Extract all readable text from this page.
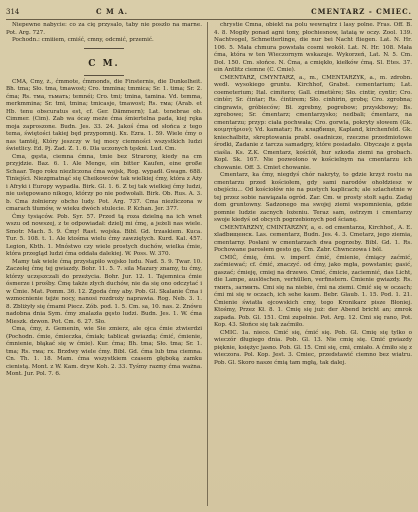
314	C M A.	CMENTARZ - CMIEC.

Niepewne nabycie: co za cię przysalo, taby nie poszło na marne. Pot. Arg. 727.

Pochodn.: cmiiiem, cmiść, cmny, odcmić, przemić.

C M.

CMA, Cmy, ż., ćmmote, ćmmonds, die Finsternis, die Dunkelheit. Bh. tma; Sło. tma, tmawost; Cro. tmmina; tmmica; Sr. 1. tima; Sr. 2. ćma; Rs. тма, тьмать; temnéi; Cro. tmi; tmina, tamina. Vd. temma, merkmmina; Sr. tmi, tmina; tmicasje, tmawost; Rs. тма; (Arab. et Hb. tenu obscuratus est, cf. Ger. Dämmern); Lat. tenebrae ob. Cimmer. (Cim). Zab wa ócay meże ćma śmiertelna pada, kiej ręka moja zaproszone. Budn. Jes. 33. 24. Jakoś ćma od słońca z tego tema, świętości takiej będ przypomnij. Kx. Ezra. 1. 59. Wiele ćmy o nas tamtéj, Który jeszczy w tej mocy ciemności wszystkich ludzi świetlicy. Ed. Pj. Żad. Z. 1. 6. Dla uczonych tęskni. Lud. Cm.

Cma, gęsta, ciemna ćmna, tmie bez Strarony, kiedy na cm przyjdzie. Baz. 6. 1. Ale Menge, ein bitter Kaufen, eine große Schaar. Tego roku niezliczona ćma wojsk, Rog. wypadł. Gwagn. 688. Tiniejści. Niezgmatnąć się Cheikowców tak wielkiej ćmy, która z Aży i Afryki i Europy wypadła. Birk. Gl. 1. 6. Z tej tak wielkiej ćmy ludzi, nie ustępowano nikogo, którzy po nie podwołali. Birk. Ob. Rus. A. 3. b. Cma żołnierzy obcho ludy. Pot. Arg. 737. Cma niezliczona w cmarach tłumów, w wieku dwóch stulecie. P. Kchan. Jer. 377.

Ćmy tysiąców. Pob. Syr. 57. Przed tą roza dzielną na ich wnet wszu od nowszej, z te odpowiadał: dzielj mi ćmę, a jeżeli nas wiele. Smotr. Mach. 5. 9. Ćmy! Rast. wojska. Bibl. Gd. trzaskiem. Kuca. Tur. 5. 108. t. 1. Ale ktośma wielu ćmy zawziętych. Kurd. Kal. 457. Legion, Kbth. 1. Mnóstwo czy wiele prostych duchów, wielka ćmie, która przegląd ludzi ćma oddała dalekiej. W. Poss. W. 370.

Mamy tak wiele ćmą przystąpiło wojsko ludu. Nad. 5. 9. Twar. 10. Zaczełej ćmę tej gwiazdy. Bohr. 11. 5. 7. sila Mazury znamy, tu ćmy, którzy uczęszczali do przeżycia. Bohr. Jur. 12. 1. Tajemnica ćmie ósmerze i prośby. Ćmę także złych duchów, nie da się ono odczytać i w Ćmie. Mat. Pomm. 36. 12. Zgoda ćmy aby. Pob. Gl. Skalanie Ćma i wzmocnienie tejże nocy, nanosi rozdroży naprawia. Rog. Neb. 3. 1. 8. Zbliżyły się ćmami Piecz. Zób. pod. 1. 5. Cm. sa, 10. nas. 2. Znówu nadobna dnia Sym. ćmy znalazła gęsto ludzi. Budn. Jes. 1. W. ćma Mieszk. dzwon. Pot. Cm. 6. 27. Sło.

Cma, ćmy, ż. Gemenin, wie Sie zmierz, ale ojca ćmie ztwierdzi (Pochodn. ćmie, ćmieczka, ćmiak; tablicat gwiazdą; ćmić, ćmienie, ćmnienie, błąkać się w ćmie). Kur. ćma; Bh. tma; Sło. tma; Sr. 1. tma; Rs. тма; rx. Brzdwy wiele ćmy. Bibl. Gd. ćma lub tma ciemna. Cn. Th. 1. 18. Mam. ćma wszystkiem czasem głęboką zamku cienistą. Mont. z W. Kam. dryw Koh. 2. 33. Tyśmy razmy ćma ważna. Mont. Jur. Pol. 7. 6.

chrystie Cmna, obiekt na polu wewnątrz i lasy polne. Fras. Off. B. 4. 8. Mogiły ponad agni tony, płochiesnow, lataią w oczy. Zool. 139. Nachtvogel, Schmetterlinge, die nur bei Nacht fliegen. Lat. N. Hr. 106. 5. Mała chmura powstała cosmi wokół. Lat. N. Hr. 108. Mała ćma, która w ten Wieczornym wskazuje. Wykorzeń, Lat. N. 5. Cm. Dol. 150. Cm. słońce. N. Ćma, a cmiękło, kiełków ćmą. Sl. Etes. 37. ein Antlitz ciemne (C. Cmie).

CMENTARZ, CMYNTARZ, a., m., CMENTARZYK, a., m. zdrobn. wedł. wysokiego gruntu. Kirchhof, Grabst. cementarium; Lat. coemeterium; Ital. cimitero; Gall. cimetière; Sło. cintir, cyntir; Cro. cintér; Sr. ćintar; Rs. ćintirem; Sło. cinhirin, grobę; Cro. zgrobna; cingrawis, gróbieców; Bł. zgrebny, pogrebow; przyskbowy; Bs. zgrebowe; Sr. ćmentarz; cmentarzysko; nedbali; ćmentarz, na cmentarzu; przyp: ciała pochwała; Cro. gorwla, pokryty słowem (Gk. κοιμητήριον); Vd. kamatar; Rs. кладбище, Kapland, kirchenfeld. Gk. kniechalbitz, skreptowania prabl. osadnicze, rzeczne przedmiotowe środki, Zadanie z tarcza samadgry, które posiadało. Obyczaje z gęsta ciaśla. Ks. Z.K. Cmentarz, kościół, hur szkoda ziemi na grobach. Kopl. Sk. 167. Nie pozwolono w kościelnym na cmentarzu ich chowanie. Off. 3. Cmiet chowanie.

Cmentarz, ka ćmy, niegdyś chór nakryty, to gdzie krzyż rostu na cmentarzu przed kościołem, gdy sami narodów ohołdziesz w obejściu... Od kościołów nie na pustych kaplicach; ale szlachetnie w tej przez sobie nawiązała ogród. Zar. Cm. w prosty stolt sądu. Zadaj dom gruntowny. Sadzonego ma swojej ziemi wspomnienia, gdzie pomnie ludzie zacnych łożeniu. Teraz sam, ostrzym i cmentarzy swoje kiedyś od obcych pogrzebionych pod ścianę.

CMENTARZNY, CMINTARZNY, a, e. od cmentarza, Kirchhof., A. E. xladbищенск. Las. cementarz, Budn. Jes. 4. 3. Cmetarz, jego ziemia, cmentarny. Posłani w cmentarzach dwa pogrzeby. Bibl. Gd. 1. Rs. Pochowane parosłem gesto gę. Cm. Zabr. Chwnczowa i ból.

CMIĆ, ćmię, ćmi. v. imperf. ćmić, ćmienie, ćmiący zaćmić, zaćmiewać; cf. ćmić, znaczyć. od ćmy, jako mgła, powstanie; gasić, gaszać; ćmieję, cmiej na drzewo. Cmić, ćmicie, zaciemnić, das Licht, die Lampe, auslöschen, verhüllen, verfinstern. Ćmienie gwiazdy. Rs. тмить, затмить. Cmi się na niebie, ćmi na ziemi. Cmić się w oczach; ćmi mi się w oczach, ich sehe kaum. Bebr. Glaub. 1. 15. Pod. 1. 21. Ćmienie światła ojcowskich cmy, tego Kronikarz pisze Błoniej. Ktośmy, Przez Kł. 8. 1. Cmię się już: der Abend bricht an; zmrok zapada. Pob. Gl. 151. Cmi zupełnie. Pot. Arg. 12. Cmi się rano, Pot. Kop. 43. Słońce się tak zaćmiło.

CMIC. 1a. nieco. Cmić się, ćmić się. Pob. Gl. Cmię się tylko o wieczór długiego dnia. Pob. Gl. 13. Nie cmię się. Cmić gwiazdy pięknie, księżyc jasno. Pob. Gl. 15. Cmi się, cmi, cmiało. A ćmiło się z wieczora. Pol. Kop. Jest. 3. Cmiec, przedstawić ciemno bez wiatru. Pob. Gl. Skoro nasze ćmią tam mgłą, tak dalej.
